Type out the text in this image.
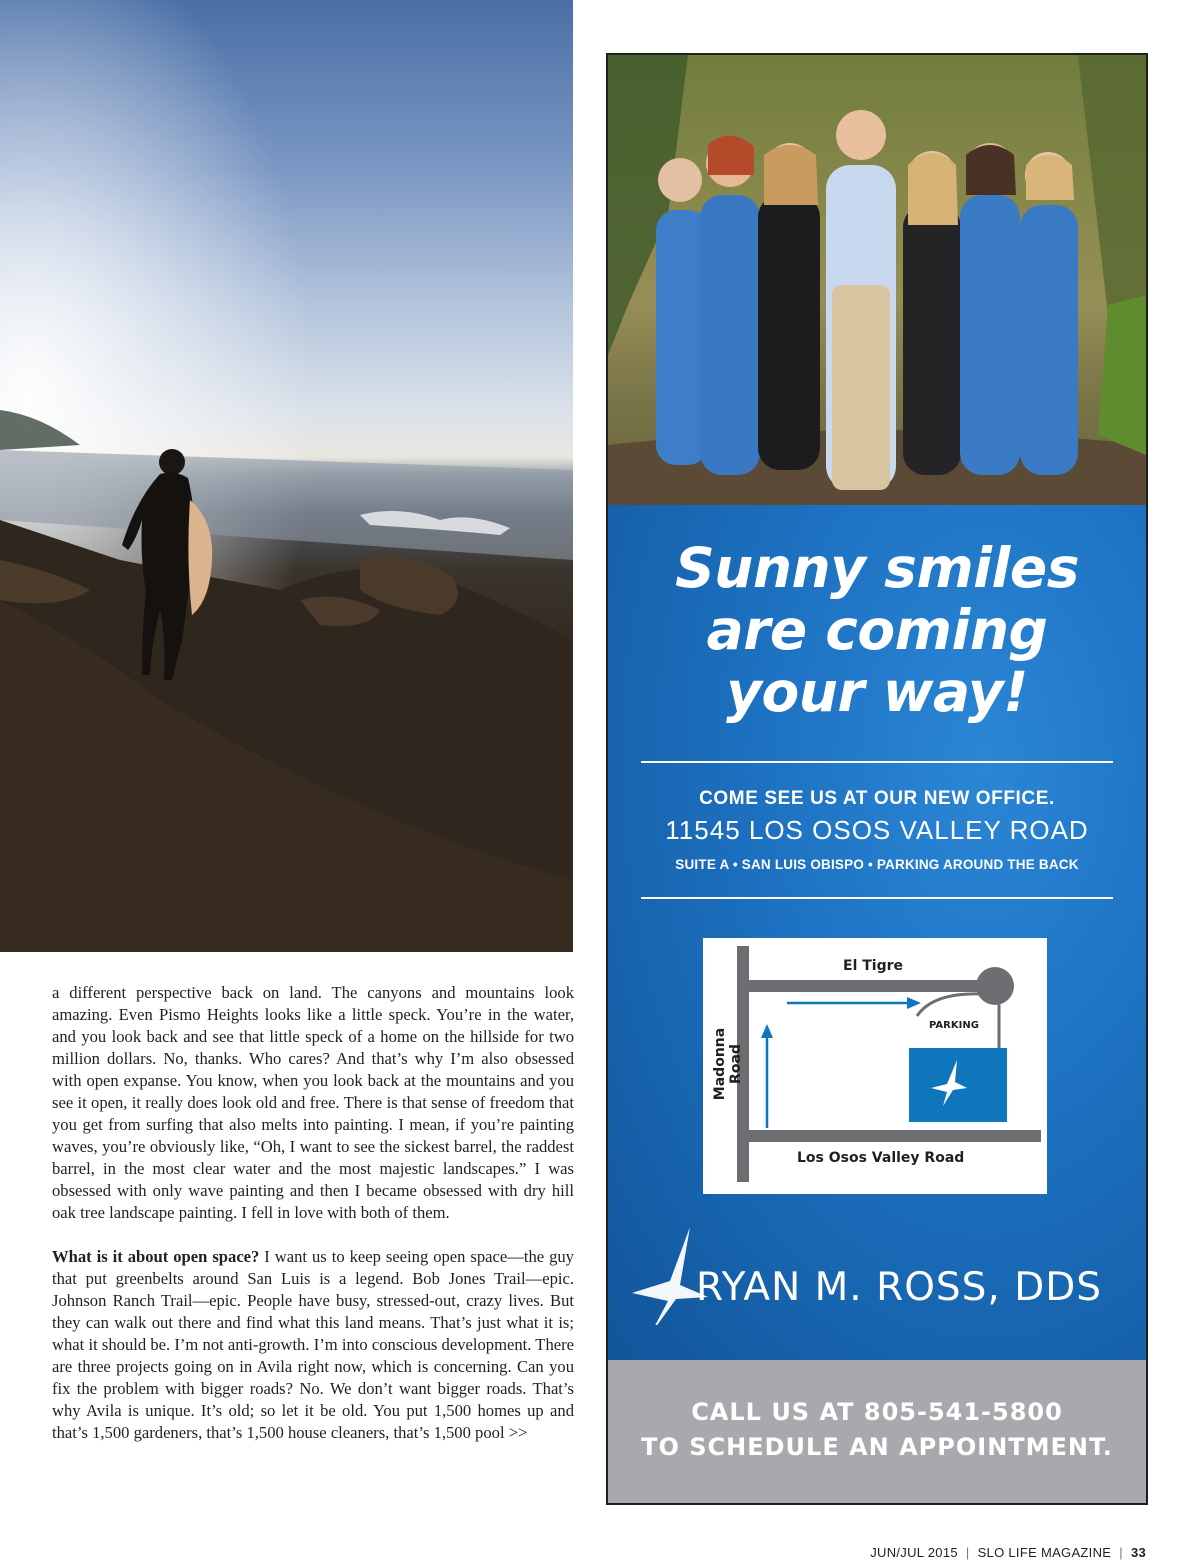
a different perspective back on land. The canyons and mountains look amazing. Even Pismo Heights looks like a little speck. You’re in the water, and you look back and see that little speck of a home on the hillside for two million dollars. No, thanks. Who cares? And that’s why I’m also obsessed with open expanse. You know, when you look back at the mountains and you see it open, it really does look old and free. There is that sense of freedom that you get from surfing that also melts into painting. I mean, if you’re painting waves, you’re obviously like, “Oh, I want to see the sickest barrel, the raddest barrel, in the most clear water and the most majestic landscapes.” I was obsessed with only wave painting and then I became obsessed with dry hill oak tree landscape painting. I fell in love with both of them.

What is it about open space? I want us to keep seeing open space—the guy that put greenbelts around San Luis is a legend. Bob Jones Trail—epic. Johnson Ranch Trail—epic. People have busy, stressed-out, crazy lives. But they can walk out there and find what this land means. That’s just what it is; what it should be. I’m not anti-growth. I’m into conscious development. There are three projects going on in Avila right now, which is concerning. Can you fix the problem with bigger roads? No. We don’t want bigger roads. That’s why Avila is unique. It’s old; so let it be old. You put 1,500 homes up and that’s 1,500 gardeners, that’s 1,500 house cleaners, that’s 1,500 pool >>

Sunny smiles
are coming
your way!
COME SEE US AT OUR NEW OFFICE.
11545 LOS OSOS VALLEY ROAD
SUITE A • SAN LUIS OBISPO • PARKING AROUND THE BACK
El Tigre
Los Osos Valley Road
PARKING
Madonna Road
RYAN M. ROSS, DDS
CALL US AT 805-541-5800
TO SCHEDULE AN APPOINTMENT.
JUN/JUL 2015 | SLO LIFE MAGAZINE | 33
